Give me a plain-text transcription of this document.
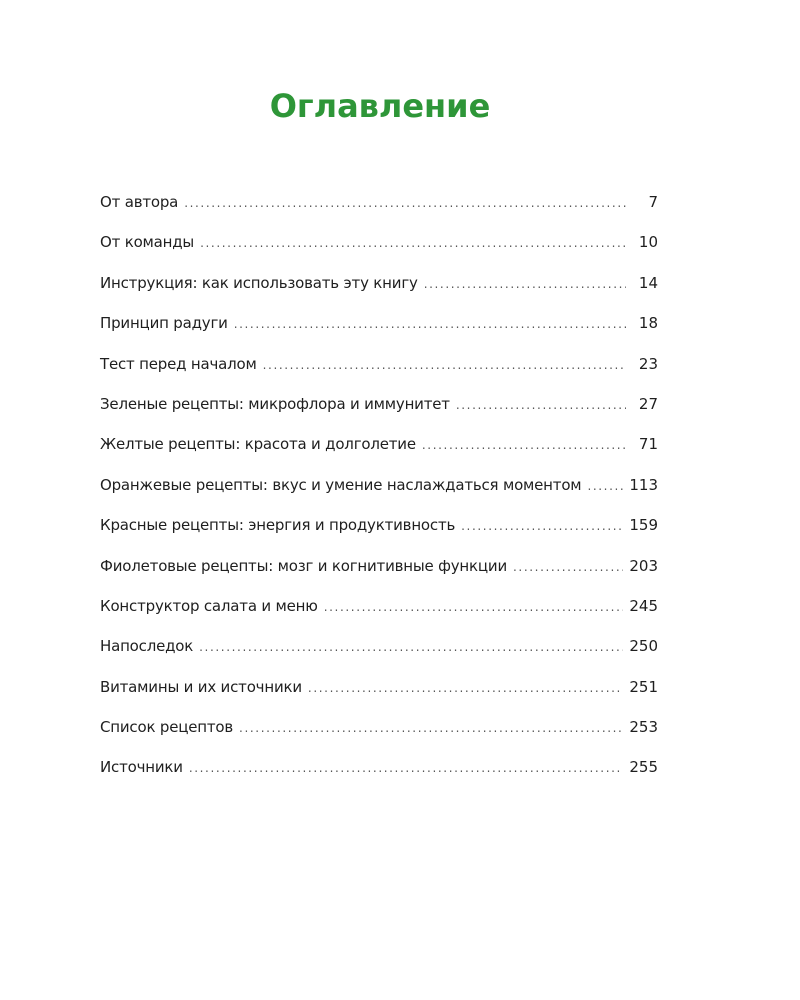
Оглавление
От автора .....	7
От команды .....	10
Инструкция: как использовать эту книгу .....	14
Принцип радуги .....	18
Тест перед началом .....	23
Зеленые рецепты: микрофлора и иммунитет .....	27
Желтые рецепты: красота и долголетие .....	71
Оранжевые рецепты: вкус и умение наслаждаться моментом .....	113
Красные рецепты: энергия и продуктивность .....	159
Фиолетовые рецепты: мозг и когнитивные функции .....	203
Конструктор салата и меню .....	245
Напоследок .....	250
Витамины и их источники .....	251
Список рецептов .....	253
Источники .....	255
